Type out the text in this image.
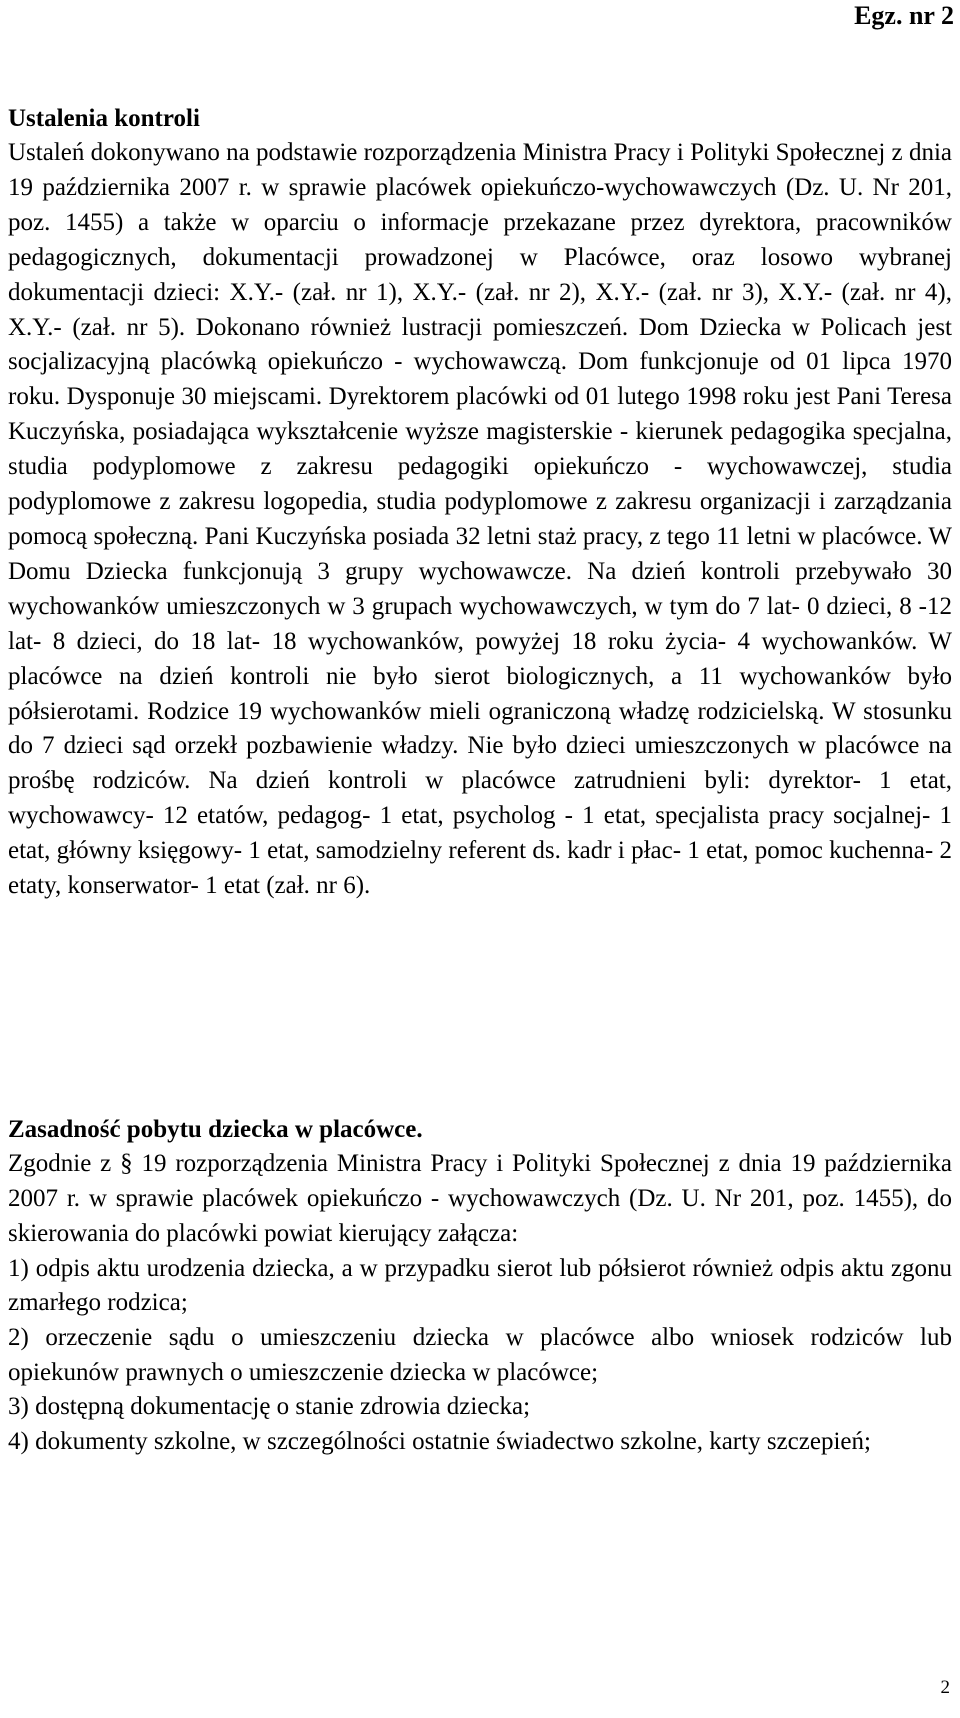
Egz. nr 2

Ustalenia kontroli

Ustaleń dokonywano na podstawie rozporządzenia Ministra Pracy i Polityki Społecznej z dnia 19 października 2007 r. w sprawie placówek opiekuńczo-wychowawczych (Dz. U. Nr 201, poz. 1455) a także w oparciu o informacje przekazane przez dyrektora, pracowników pedagogicznych, dokumentacji prowadzonej w Placówce, oraz losowo wybranej dokumentacji dzieci: X.Y.- (zał. nr 1), X.Y.- (zał. nr 2), X.Y.- (zał. nr 3), X.Y.- (zał. nr 4), X.Y.- (zał. nr 5). Dokonano również lustracji pomieszczeń. Dom Dziecka w Policach jest socjalizacyjną placówką opiekuńczo - wychowawczą. Dom funkcjonuje od 01 lipca 1970 roku. Dysponuje 30 miejscami. Dyrektorem placówki od 01 lutego 1998 roku jest Pani Teresa Kuczyńska, posiadająca wykształcenie wyższe magisterskie - kierunek pedagogika specjalna, studia podyplomowe z zakresu pedagogiki opiekuńczo - wychowawczej, studia podyplomowe z zakresu logopedia, studia podyplomowe z zakresu organizacji i zarządzania pomocą społeczną. Pani Kuczyńska posiada 32 letni staż pracy, z tego 11 letni w placówce. W Domu Dziecka funkcjonują 3 grupy wychowawcze. Na dzień kontroli przebywało 30 wychowanków umieszczonych w 3 grupach wychowawczych, w tym do 7 lat- 0 dzieci, 8 -12 lat- 8 dzieci, do 18 lat- 18 wychowanków, powyżej 18 roku życia- 4 wychowanków. W placówce na dzień kontroli nie było sierot biologicznych, a 11 wychowanków było półsierotami. Rodzice 19 wychowanków mieli ograniczoną władzę rodzicielską. W stosunku do 7 dzieci sąd orzekł pozbawienie władzy. Nie było dzieci umieszczonych w placówce na prośbę rodziców. Na dzień kontroli w placówce zatrudnieni byli: dyrektor- 1 etat, wychowawcy- 12 etatów, pedagog- 1 etat, psycholog - 1 etat, specjalista pracy socjalnej- 1 etat, główny księgowy- 1 etat, samodzielny referent ds. kadr i płac- 1 etat, pomoc kuchenna- 2 etaty, konserwator- 1 etat (zał. nr 6).

Zasadność pobytu dziecka w placówce.

Zgodnie z § 19 rozporządzenia Ministra Pracy i Polityki Społecznej z dnia 19 października 2007 r. w sprawie placówek opiekuńczo - wychowawczych (Dz. U. Nr 201, poz. 1455), do skierowania do placówki powiat kierujący załącza:

1) odpis aktu urodzenia dziecka, a w przypadku sierot lub półsierot również odpis aktu zgonu zmarłego rodzica;
2) orzeczenie sądu o umieszczeniu dziecka w placówce albo wniosek rodziców lub opiekunów prawnych o umieszczenie dziecka w placówce;
3) dostępną dokumentację o stanie zdrowia dziecka;
4) dokumenty szkolne, w szczególności ostatnie świadectwo szkolne, karty szczepień;
2
